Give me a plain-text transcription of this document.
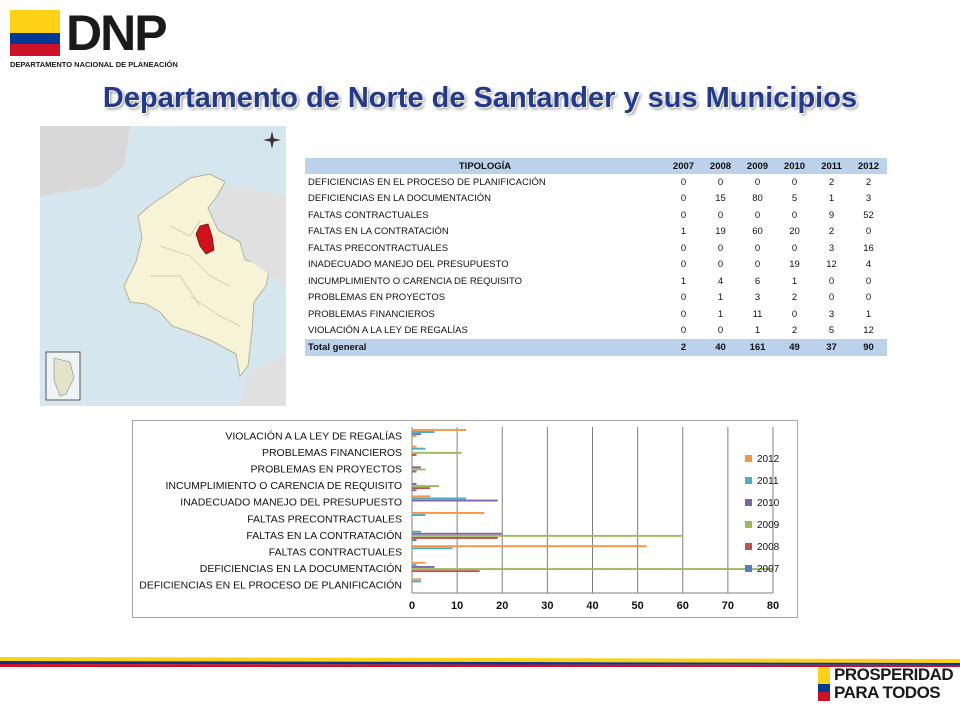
DNP
DEPARTAMENTO NACIONAL DE PLANEACIÓN
Departamento de Norte de Santander y sus Municipios
TIPOLOGÍA	2007	2008	2009	2010	2011	2012
DEFICIENCIAS EN EL PROCESO DE PLANIFICACIÓN	0	0	0	0	2	2
DEFICIENCIAS EN LA DOCUMENTACIÓN	0	15	80	5	1	3
FALTAS CONTRACTUALES	0	0	0	0	9	52
FALTAS EN LA CONTRATACIÓN	1	19	60	20	2	0
FALTAS PRECONTRACTUALES	0	0	0	0	3	16
INADECUADO MANEJO DEL PRESUPUESTO	0	0	0	19	12	4
INCUMPLIMIENTO O CARENCIA DE REQUISITO	1	4	6	1	0	0
PROBLEMAS EN PROYECTOS	0	1	3	2	0	0
PROBLEMAS FINANCIEROS	0	1	11	0	3	1
VIOLACIÓN A LA LEY DE REGALÍAS	0	0	1	2	5	12
Total general	2	40	161	49	37	90
0	10	20	30	40	50	60	70	80
DEFICIENCIAS EN EL PROCESO DE PLANIFICACIÓN
DEFICIENCIAS EN LA DOCUMENTACIÓN
FALTAS CONTRACTUALES
FALTAS EN LA CONTRATACIÓN
FALTAS PRECONTRACTUALES
INADECUADO MANEJO DEL PRESUPUESTO
INCUMPLIMIENTO O CARENCIA DE REQUISITO
PROBLEMAS EN PROYECTOS
PROBLEMAS FINANCIEROS
VIOLACIÓN A LA LEY DE REGALÍAS
2012
2011
2010
2009
2008
2007
PROSPERIDAD
PARA TODOS
